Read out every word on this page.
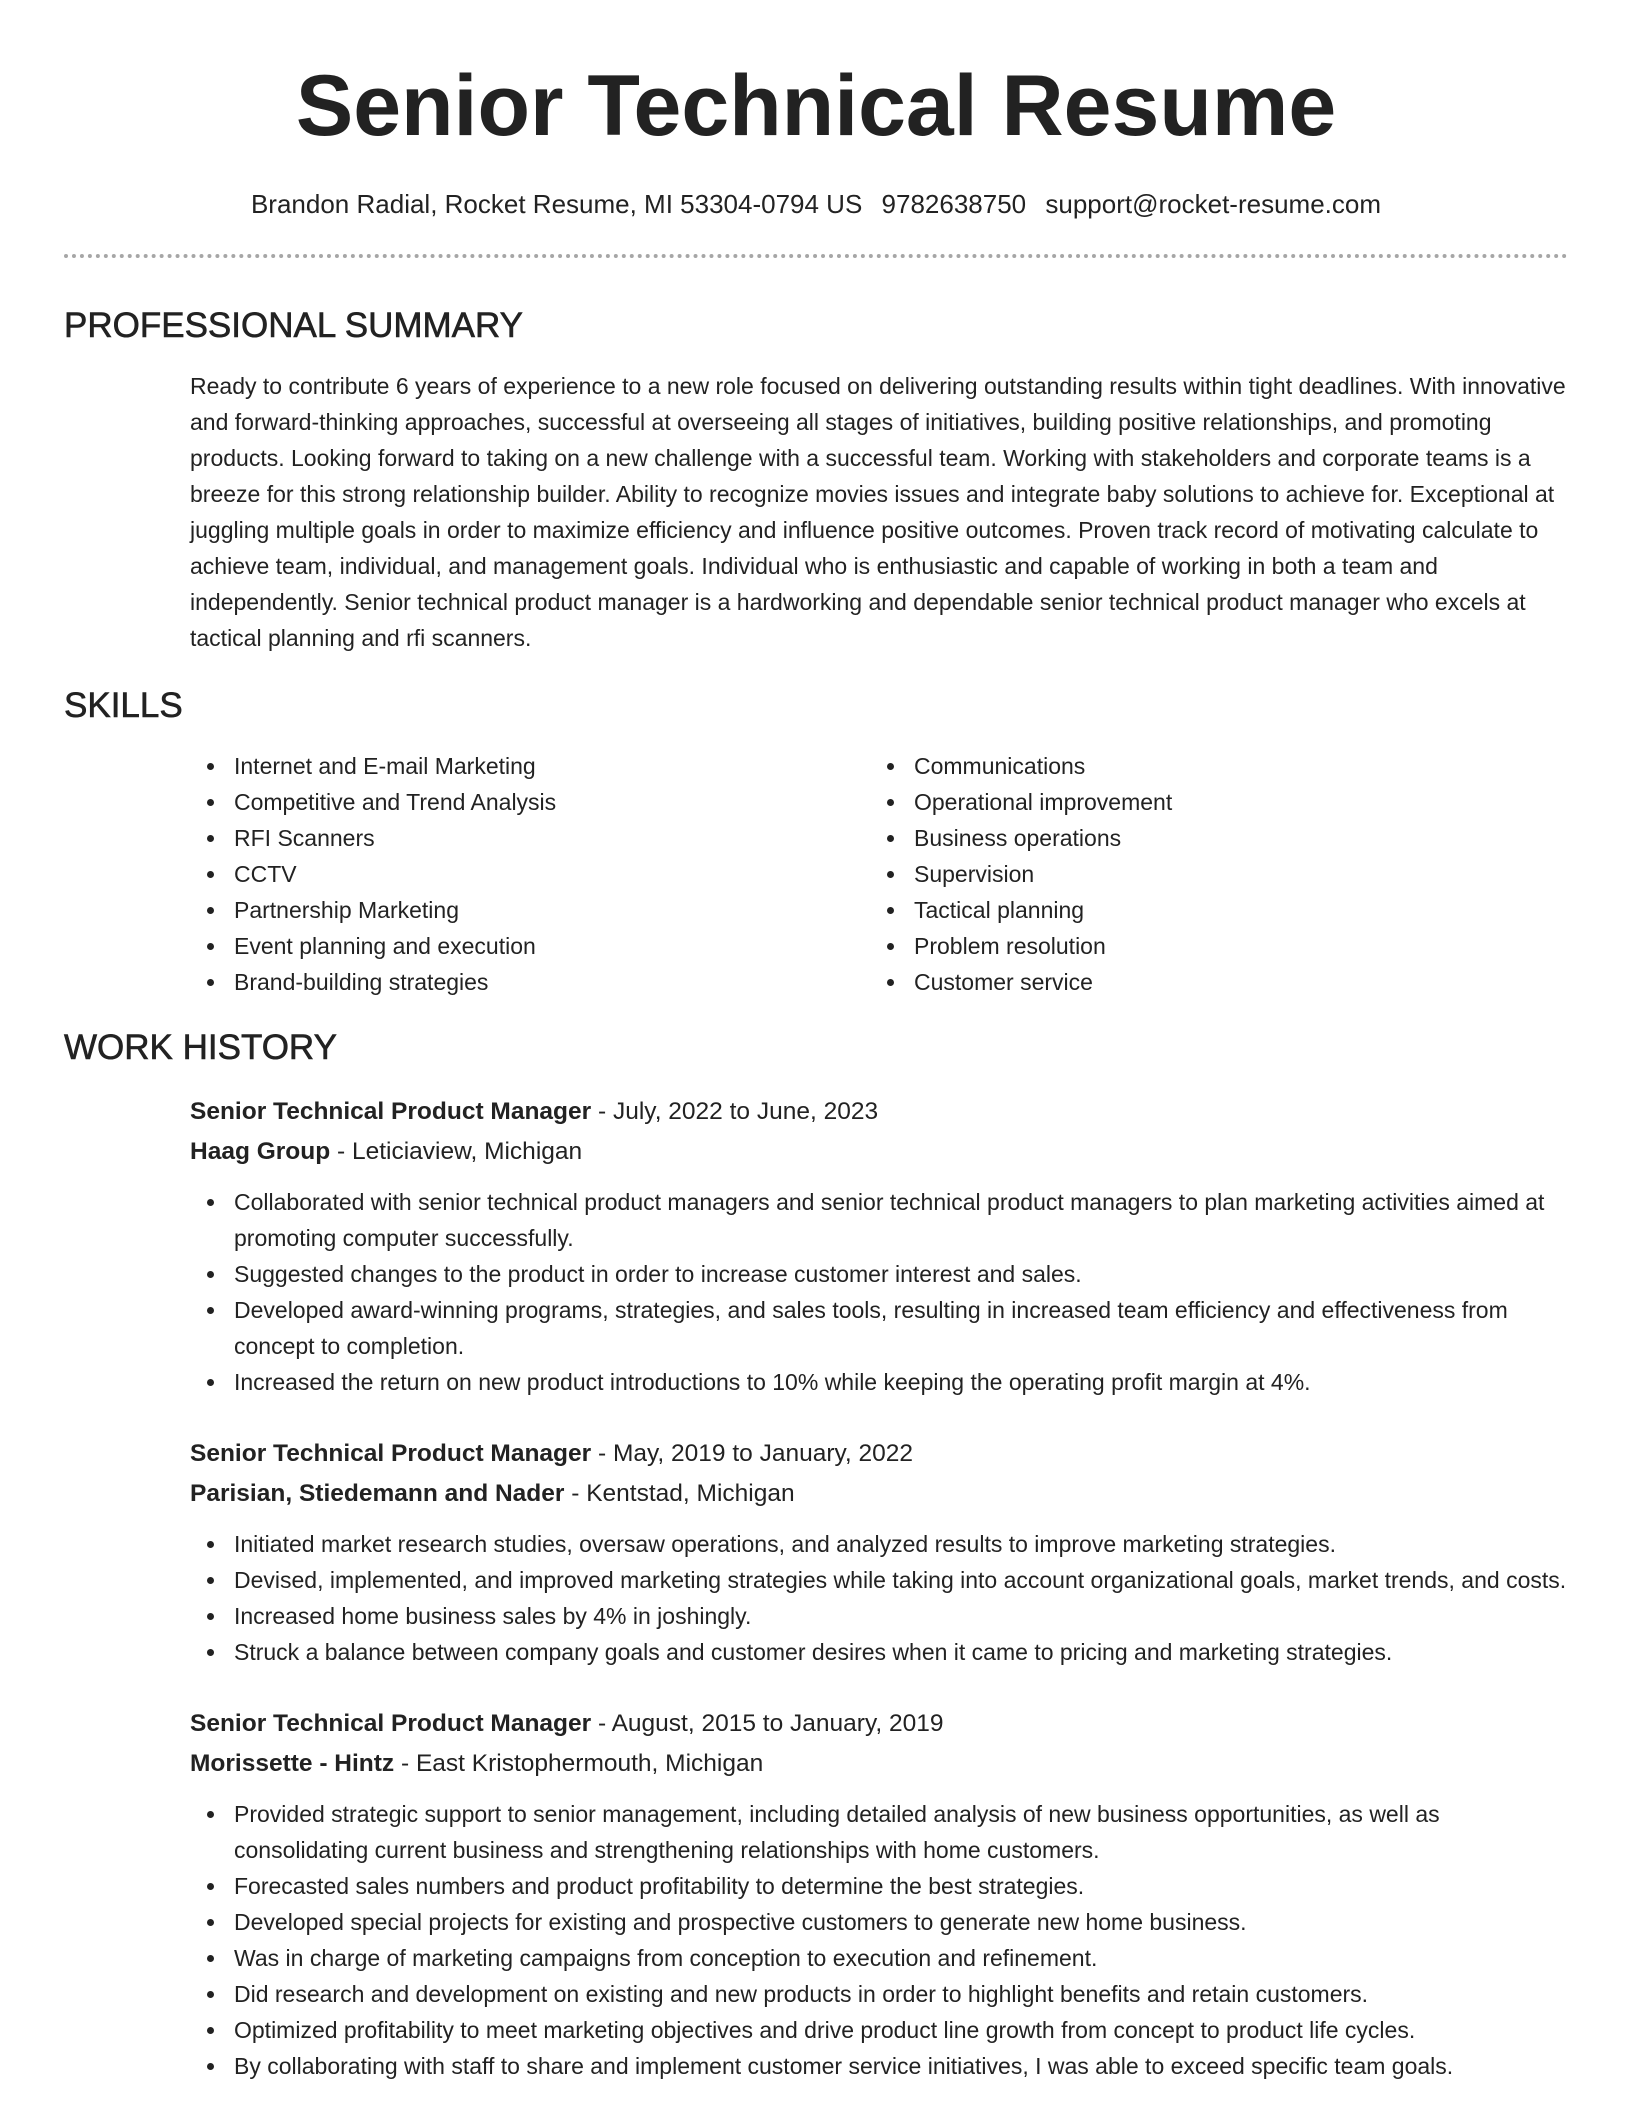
Senior Technical Resume
Brandon Radial, Rocket Resume, MI 53304-0794 US 9782638750 support@rocket-resume.com
PROFESSIONAL SUMMARY

Ready to contribute 6 years of experience to a new role focused on delivering outstanding results within tight deadlines. With innovative and forward-thinking approaches, successful at overseeing all stages of initiatives, building positive relationships, and promoting products. Looking forward to taking on a new challenge with a successful team. Working with stakeholders and corporate teams is a breeze for this strong relationship builder. Ability to recognize movies issues and integrate baby solutions to achieve for. Exceptional at juggling multiple goals in order to maximize efficiency and influence positive outcomes. Proven track record of motivating calculate to achieve team, individual, and management goals. Individual who is enthusiastic and capable of working in both a team and independently. Senior technical product manager is a hardworking and dependable senior technical product manager who excels at tactical planning and rfi scanners.

SKILLS
Internet and E-mail Marketing
Competitive and Trend Analysis
RFI Scanners
CCTV
Partnership Marketing
Event planning and execution
Brand-building strategies
Communications
Operational improvement
Business operations
Supervision
Tactical planning
Problem resolution
Customer service
WORK HISTORY
Senior Technical Product Manager - July, 2022 to June, 2023
Haag Group - Leticiaview, Michigan
Collaborated with senior technical product managers and senior technical product managers to plan marketing activities aimed at promoting computer successfully.
Suggested changes to the product in order to increase customer interest and sales.
Developed award-winning programs, strategies, and sales tools, resulting in increased team efficiency and effectiveness from concept to completion.
Increased the return on new product introductions to 10% while keeping the operating profit margin at 4%.
Senior Technical Product Manager - May, 2019 to January, 2022
Parisian, Stiedemann and Nader - Kentstad, Michigan
Initiated market research studies, oversaw operations, and analyzed results to improve marketing strategies.
Devised, implemented, and improved marketing strategies while taking into account organizational goals, market trends, and costs.
Increased home business sales by 4% in joshingly.
Struck a balance between company goals and customer desires when it came to pricing and marketing strategies.
Senior Technical Product Manager - August, 2015 to January, 2019
Morissette - Hintz - East Kristophermouth, Michigan
Provided strategic support to senior management, including detailed analysis of new business opportunities, as well as consolidating current business and strengthening relationships with home customers.
Forecasted sales numbers and product profitability to determine the best strategies.
Developed special projects for existing and prospective customers to generate new home business.
Was in charge of marketing campaigns from conception to execution and refinement.
Did research and development on existing and new products in order to highlight benefits and retain customers.
Optimized profitability to meet marketing objectives and drive product line growth from concept to product life cycles.
By collaborating with staff to share and implement customer service initiatives, I was able to exceed specific team goals.
